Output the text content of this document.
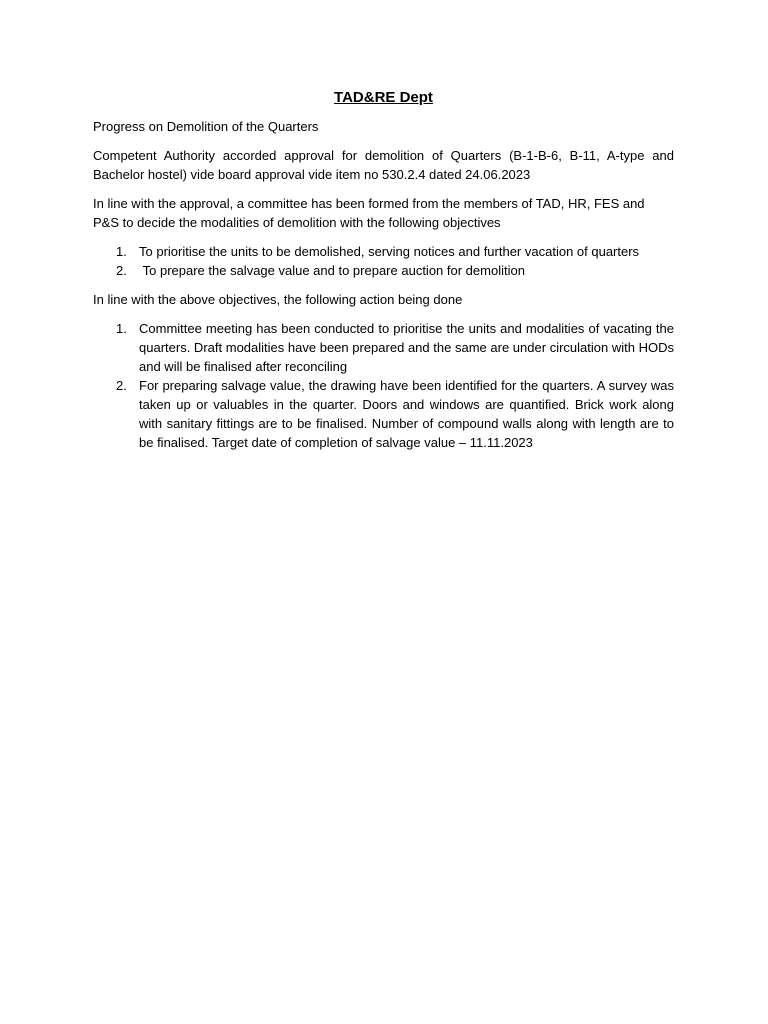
TAD&RE Dept

Progress on Demolition of the Quarters

Competent Authority accorded approval for demolition of Quarters (B-1-B-6, B-11, A-type and Bachelor hostel) vide board approval vide item no 530.2.4 dated 24.06.2023

In line with the approval, a committee has been formed from the members of TAD, HR, FES and P&S to decide the modalities of demolition with the following objectives

1. To prioritise the units to be demolished, serving notices and further vacation of quarters
2. To prepare the salvage value and to prepare auction for demolition

In line with the above objectives, the following action being done

1. Committee meeting has been conducted to prioritise the units and modalities of vacating the quarters. Draft modalities have been prepared and the same are under circulation with HODs and will be finalised after reconciling
2. For preparing salvage value, the drawing have been identified for the quarters. A survey was taken up or valuables in the quarter. Doors and windows are quantified. Brick work along with sanitary fittings are to be finalised. Number of compound walls along with length are to be finalised. Target date of completion of salvage value – 11.11.2023
